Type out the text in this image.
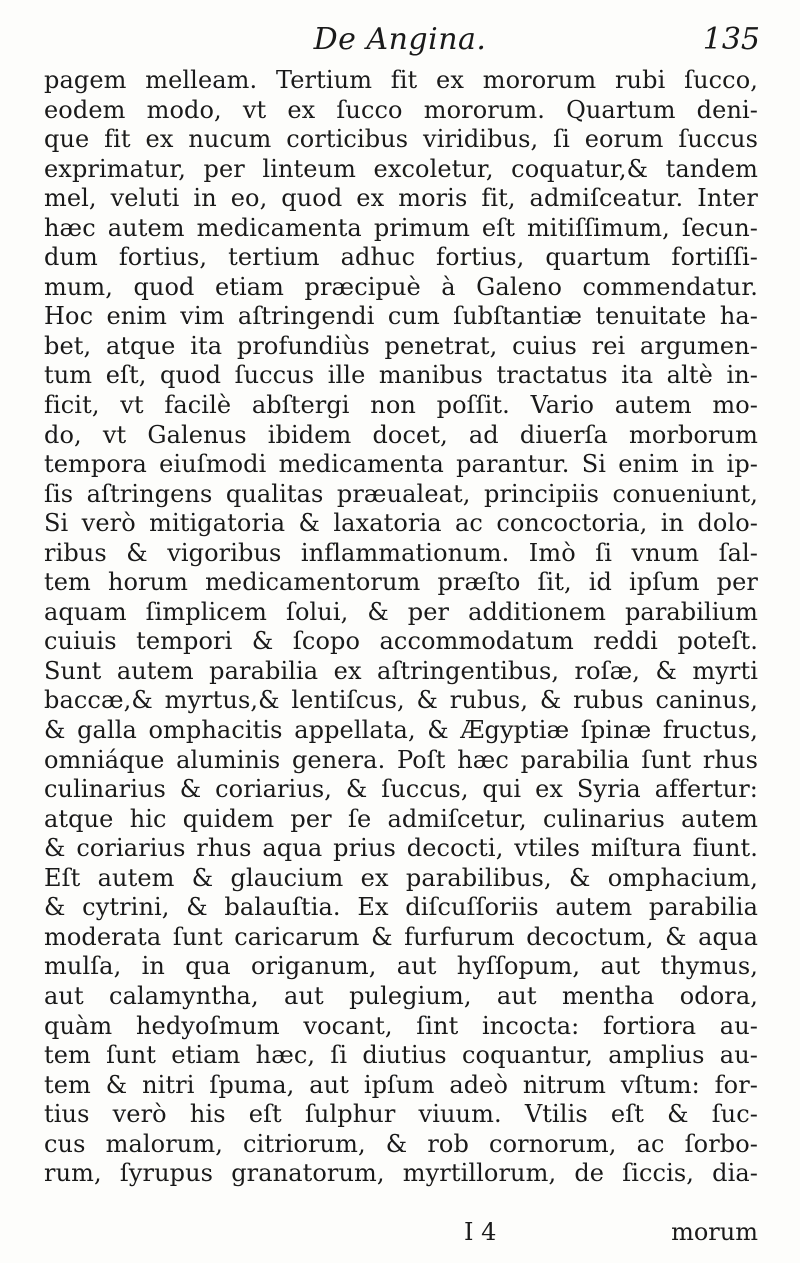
De Angina.	135
pagem melleam. Tertium fit ex mororum rubi ſucco,
eodem modo, vt ex ſucco mororum. Quartum deni-
que fit ex nucum corticibus viridibus, ſi eorum ſuccus
exprimatur, per linteum excoletur, coquatur,& tandem
mel, veluti in eo, quod ex moris fit, admiſceatur. Inter
hæc autem medicamenta primum eſt mitiſſimum, ſecun-
dum fortius, tertium adhuc fortius, quartum fortiſſi-
mum, quod etiam præcipuè à Galeno commendatur.
Hoc enim vim aſtringendi cum ſubſtantiæ tenuitate ha-
bet, atque ita profundiùs penetrat, cuius rei argumen-
tum eſt, quod ſuccus ille manibus tractatus ita altè in-
ficit, vt facilè abſtergi non poſſit. Vario autem mo-
do, vt Galenus ibidem docet, ad diuerſa morborum
tempora eiuſmodi medicamenta parantur. Si enim in ip-
ſis aſtringens qualitas præualeat, principiis conueniunt,
Si verò mitigatoria & laxatoria ac concoctoria, in dolo-
ribus & vigoribus inflammationum. Imò ſi vnum ſal-
tem horum medicamentorum præſto ſit, id ipſum per
aquam ſimplicem ſolui, & per additionem parabilium
cuiuis tempori & ſcopo accommodatum reddi poteſt.
Sunt autem parabilia ex aſtringentibus, roſæ, & myrti
baccæ,& myrtus,& lentiſcus, & rubus, & rubus caninus,
& galla omphacitis appellata, & Ægyptiæ ſpinæ fructus,
omniáque aluminis genera. Poſt hæc parabilia ſunt rhus
culinarius & coriarius, & ſuccus, qui ex Syria affertur:
atque hic quidem per ſe admiſcetur, culinarius autem
& coriarius rhus aqua prius decocti, vtiles miſtura fiunt.
Eſt autem & glaucium ex parabilibus, & omphacium,
& cytrini, & balauſtia. Ex diſcuſſoriis autem parabilia
moderata ſunt caricarum & furfurum decoctum, & aqua
mulſa, in qua origanum, aut hyſſopum, aut thymus,
aut calamyntha, aut pulegium, aut mentha odora,
quàm hedyoſmum vocant, ſint incocta: fortiora au-
tem ſunt etiam hæc, ſi diutius coquantur, amplius au-
tem & nitri ſpuma, aut ipſum adeò nitrum vſtum: for-
tius verò his eſt ſulphur viuum. Vtilis eſt & ſuc-
cus malorum, citriorum, & rob cornorum, ac ſorbo-
rum, ſyrupus granatorum, myrtillorum, de ſiccis, dia-
I 4	morum
